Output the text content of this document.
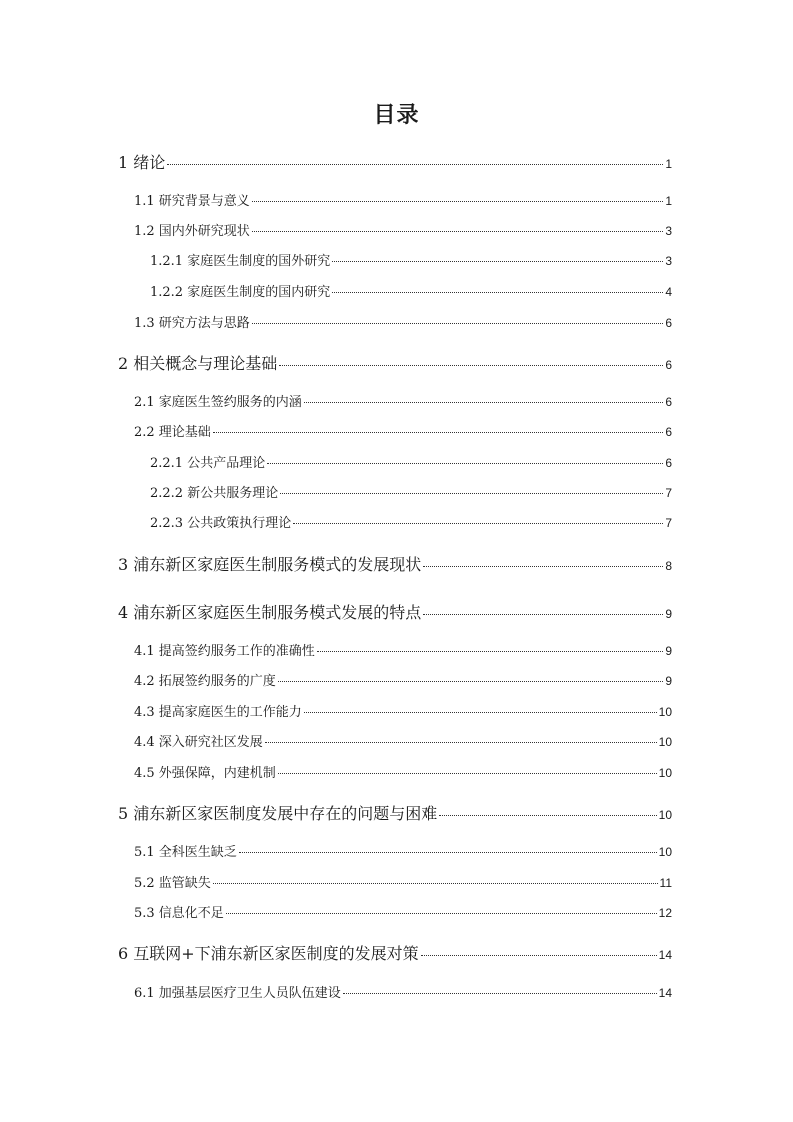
目录
1 绪论	1
1.1 研究背景与意义	1
1.2 国内外研究现状	3
1.2.1 家庭医生制度的国外研究	3
1.2.2 家庭医生制度的国内研究	4
1.3 研究方法与思路	6
2 相关概念与理论基础	6
2.1 家庭医生签约服务的内涵	6
2.2 理论基础	6
2.2.1 公共产品理论	6
2.2.2 新公共服务理论	7
2.2.3 公共政策执行理论	7
3 浦东新区家庭医生制服务模式的发展现状	8
4 浦东新区家庭医生制服务模式发展的特点	9
4.1 提高签约服务工作的准确性	9
4.2 拓展签约服务的广度	9
4.3 提高家庭医生的工作能力	10
4.4 深入研究社区发展	10
4.5 外强保障，内建机制	10
5 浦东新区家医制度发展中存在的问题与困难	10
5.1 全科医生缺乏	10
5.2 监管缺失	11
5.3 信息化不足	12
6 互联网+下浦东新区家医制度的发展对策	14
6.1 加强基层医疗卫生人员队伍建设	14
